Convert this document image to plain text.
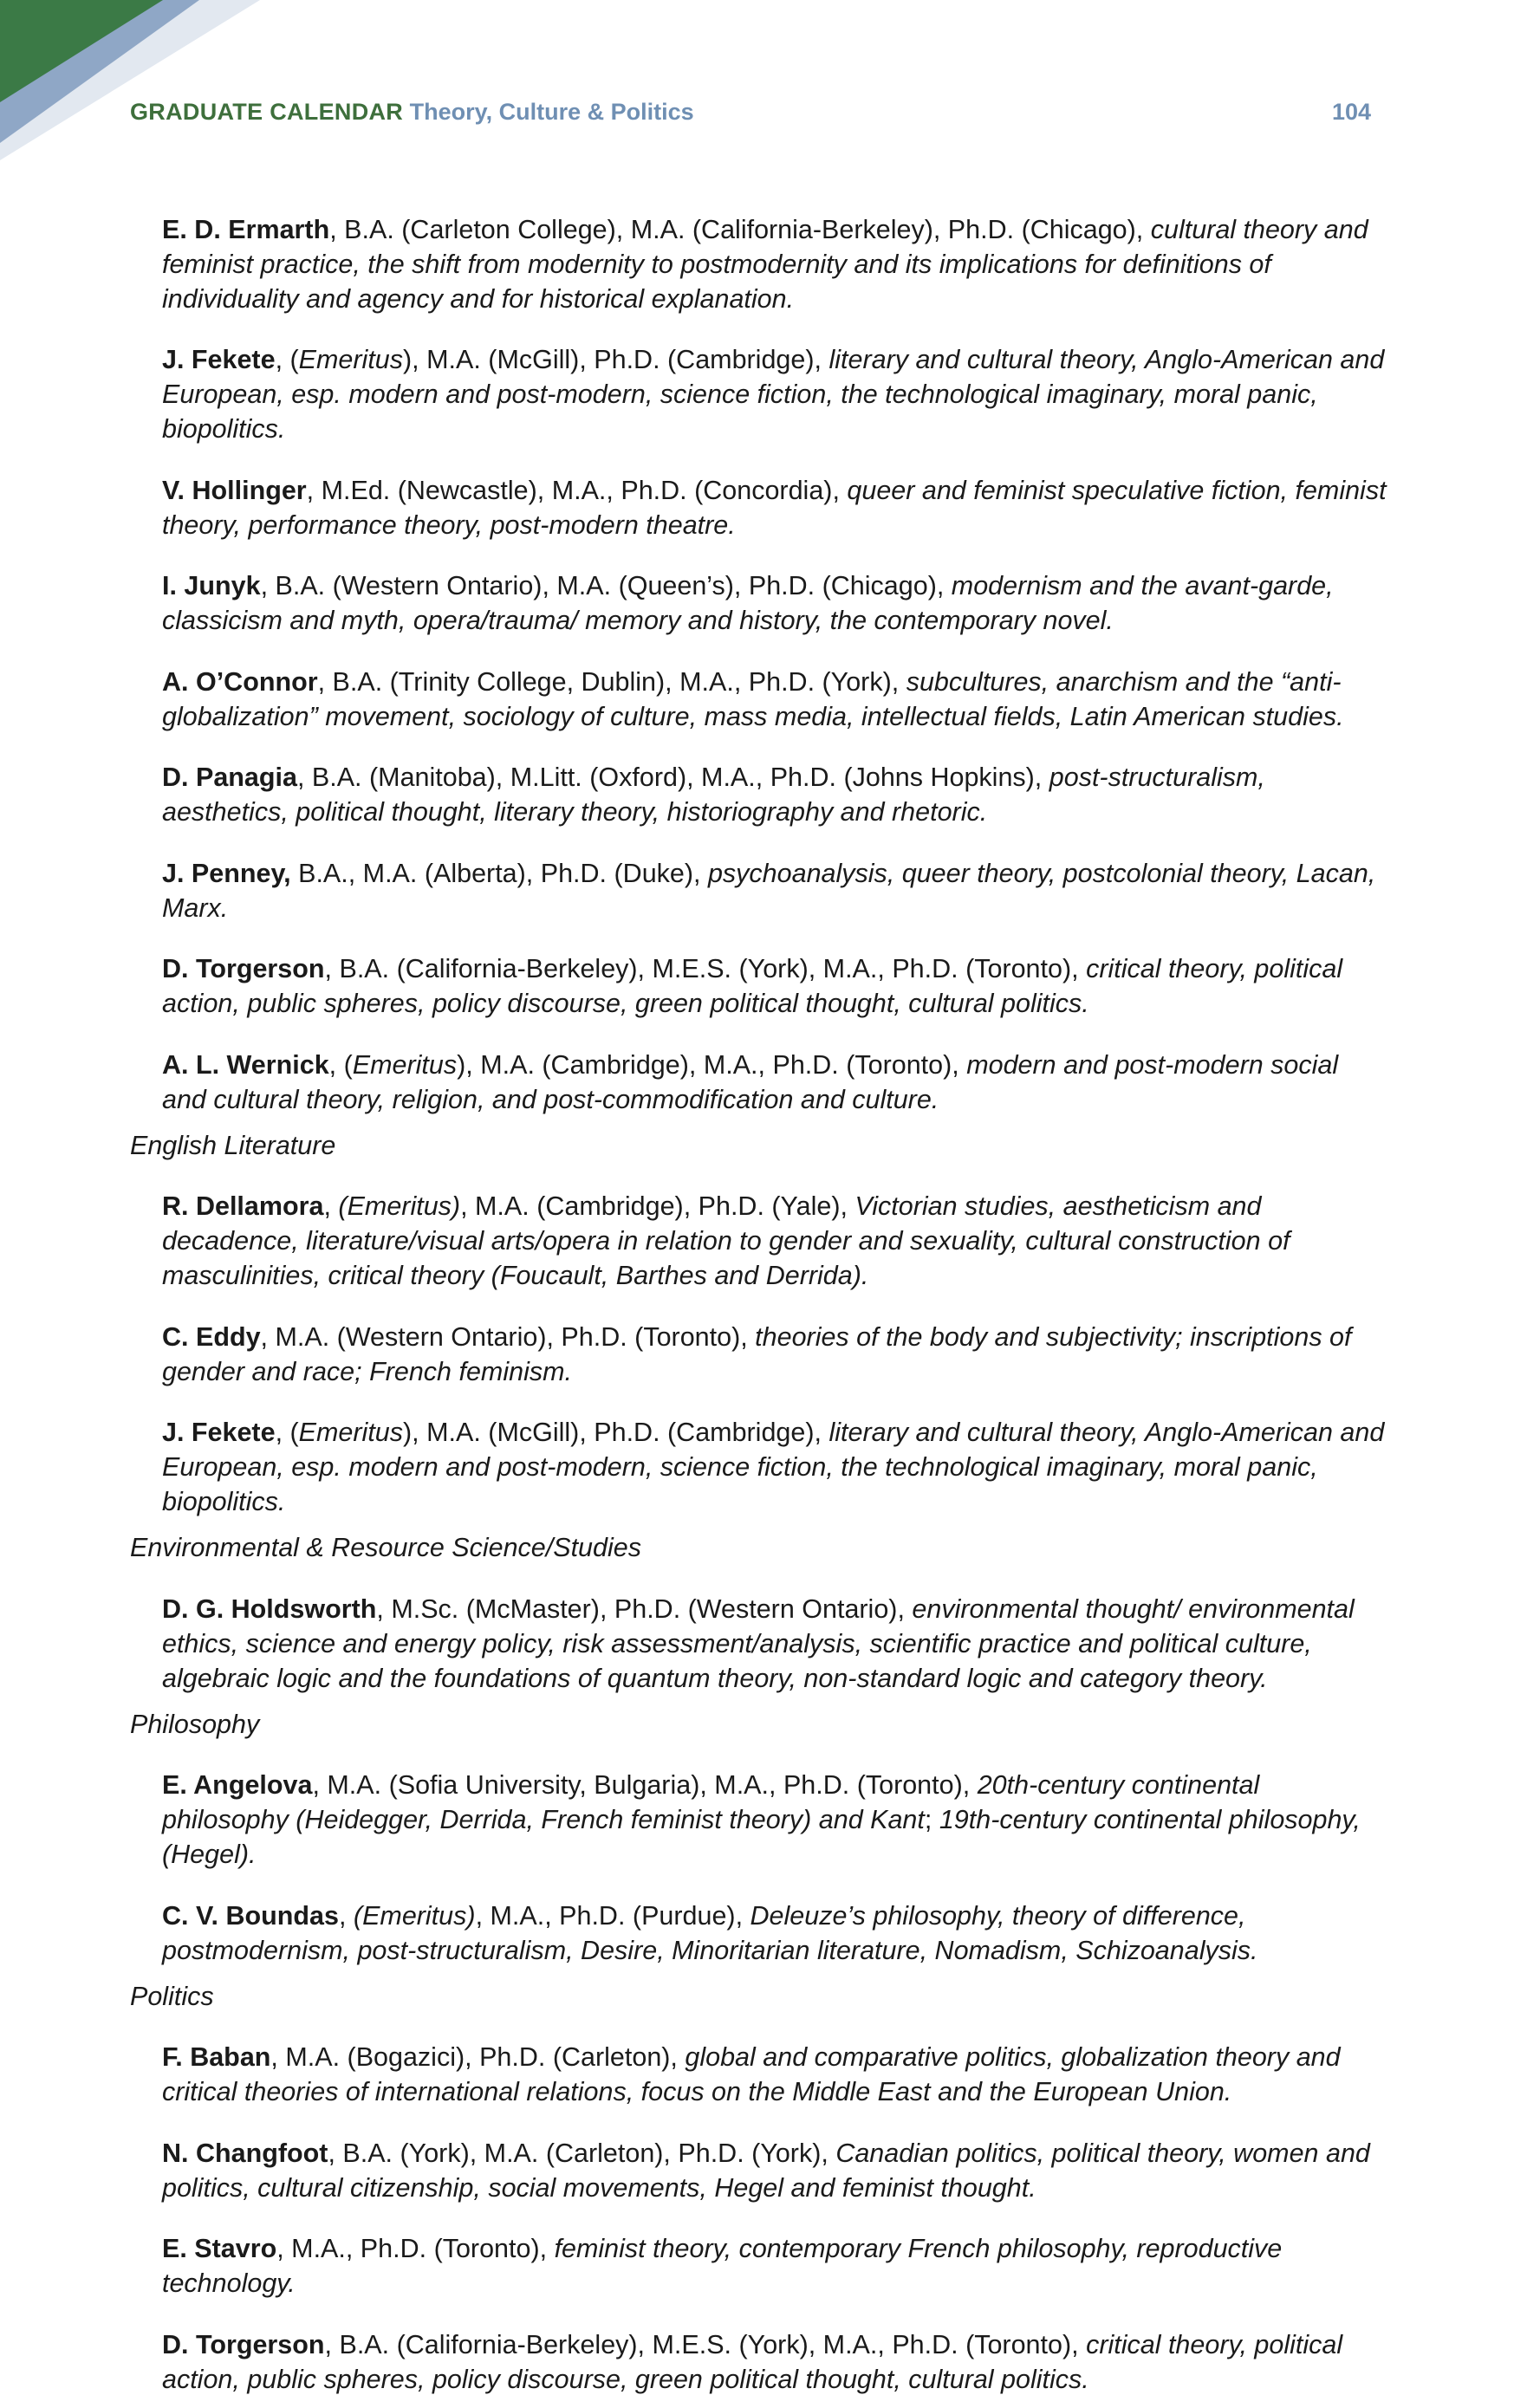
GRADUATE CALENDAR Theory, Culture & Politics	104

E. D. Ermarth, B.A. (Carleton College), M.A. (California-Berkeley), Ph.D. (Chicago), cultural theory and feminist practice, the shift from modernity to postmodernity and its implications for definitions of individuality and agency and for historical explanation.

J. Fekete, (Emeritus), M.A. (McGill), Ph.D. (Cambridge), literary and cultural theory, Anglo-American and European, esp. modern and post-modern, science fiction, the technological imaginary, moral panic, biopolitics.

V. Hollinger, M.Ed. (Newcastle), M.A., Ph.D. (Concordia), queer and feminist speculative fiction, feminist theory, performance theory, post-modern theatre.

I. Junyk, B.A. (Western Ontario), M.A. (Queen’s), Ph.D. (Chicago), modernism and the avant-garde, classicism and myth, opera/trauma/ memory and history, the contemporary novel.

A. O’Connor, B.A. (Trinity College, Dublin), M.A., Ph.D. (York), subcultures, anarchism and the “anti-globalization” movement, sociology of culture, mass media, intellectual fields, Latin American studies.

D. Panagia, B.A. (Manitoba), M.Litt. (Oxford), M.A., Ph.D. (Johns Hopkins), post-structuralism, aesthetics, political thought, literary theory, historiography and rhetoric.

J. Penney, B.A., M.A. (Alberta), Ph.D. (Duke), psychoanalysis, queer theory, postcolonial theory, Lacan, Marx.

D. Torgerson, B.A. (California-Berkeley), M.E.S. (York), M.A., Ph.D. (Toronto), critical theory, political action, public spheres, policy discourse, green political thought, cultural politics.

A. L. Wernick, (Emeritus), M.A. (Cambridge), M.A., Ph.D. (Toronto), modern and post-modern social and cultural theory, religion, and post-commodification and culture.

English Literature

R. Dellamora, (Emeritus), M.A. (Cambridge), Ph.D. (Yale), Victorian studies, aestheticism and decadence, literature/visual arts/opera in relation to gender and sexuality, cultural construction of masculinities, critical theory (Foucault, Barthes and Derrida).

C. Eddy, M.A. (Western Ontario), Ph.D. (Toronto), theories of the body and subjectivity; inscriptions of gender and race; French feminism.

J. Fekete, (Emeritus), M.A. (McGill), Ph.D. (Cambridge), literary and cultural theory, Anglo-American and European, esp. modern and post-modern, science fiction, the technological imaginary, moral panic, biopolitics.

Environmental & Resource Science/Studies

D. G. Holdsworth, M.Sc. (McMaster), Ph.D. (Western Ontario), environmental thought/ environmental ethics, science and energy policy, risk assessment/analysis, scientific practice and political culture, algebraic logic and the foundations of quantum theory, non-standard logic and category theory.

Philosophy

E. Angelova, M.A. (Sofia University, Bulgaria), M.A., Ph.D. (Toronto), 20th-century continental philosophy (Heidegger, Derrida, French feminist theory) and Kant; 19th-century continental philosophy,(Hegel).

C. V. Boundas, (Emeritus), M.A., Ph.D. (Purdue), Deleuze’s philosophy, theory of difference, postmodernism, post-structuralism, Desire, Minoritarian literature, Nomadism, Schizoanalysis.

Politics

F. Baban, M.A. (Bogazici), Ph.D. (Carleton), global and comparative politics, globalization theory and critical theories of international relations, focus on the Middle East and the European Union.

N. Changfoot, B.A. (York), M.A. (Carleton), Ph.D. (York), Canadian politics, political theory, women and politics, cultural citizenship, social movements, Hegel and feminist thought.

E. Stavro, M.A., Ph.D. (Toronto), feminist theory, contemporary French philosophy, reproductive technology.

D. Torgerson, B.A. (California-Berkeley), M.E.S. (York), M.A., Ph.D. (Toronto), critical theory, political action, public spheres, policy discourse, green political thought, cultural politics.
